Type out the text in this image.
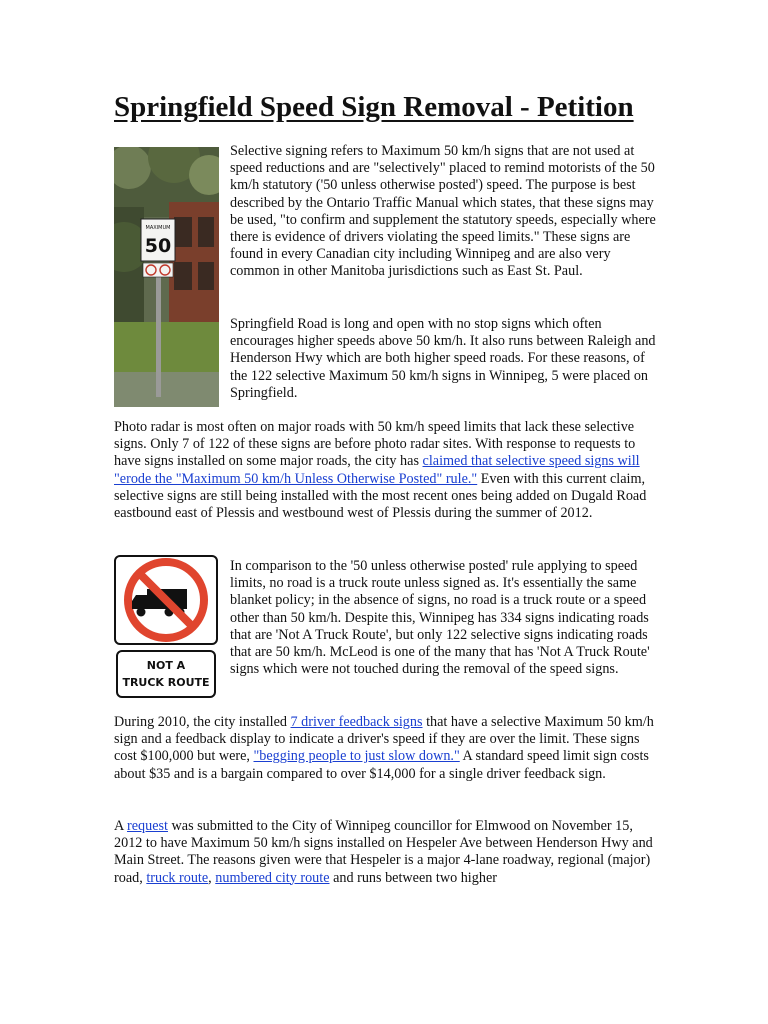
Springfield Speed Sign Removal - Petition
MAXIMUM
50

Selective signing refers to Maximum 50 km/h signs that are not used at speed reductions and are "selectively" placed to remind motorists of the 50 km/h statutory ('50 unless otherwise posted') speed. The purpose is best described by the Ontario Traffic Manual which states, that these signs may be used, "to confirm and supplement the statutory speeds, especially where there is evidence of drivers violating the speed limits." These signs are found in every Canadian city including Winnipeg and are also very common in other Manitoba jurisdictions such as East St. Paul.

Springfield Road is long and open with no stop signs which often encourages higher speeds above 50 km/h. It also runs between Raleigh and Henderson Hwy which are both higher speed roads. For these reasons, of the 122 selective Maximum 50 km/h signs in Winnipeg, 5 were placed on Springfield.

Photo radar is most often on major roads with 50 km/h speed limits that lack these selective signs. Only 7 of 122 of these signs are before photo radar sites. With response to requests to have signs installed on some major roads, the city has claimed that selective speed signs will "erode the "Maximum 50 km/h Unless Otherwise Posted" rule." Even with this current claim, selective signs are still being installed with the most recent ones being added on Dugald Road eastbound east of Plessis and westbound west of Plessis during the summer of 2012.

NOT A
TRUCK ROUTE

In comparison to the '50 unless otherwise posted' rule applying to speed limits, no road is a truck route unless signed as. It's essentially the same blanket policy; in the absence of signs, no road is a truck route or a speed other than 50 km/h. Despite this, Winnipeg has 334 signs indicating roads that are 'Not A Truck Route', but only 122 selective signs indicating roads that are 50 km/h. McLeod is one of the many that has 'Not A Truck Route' signs which were not touched during the removal of the speed signs.

During 2010, the city installed 7 driver feedback signs that have a selective Maximum 50 km/h sign and a feedback display to indicate a driver's speed if they are over the limit. These signs cost $100,000 but were, "begging people to just slow down." A standard speed limit sign costs about $35 and is a bargain compared to over $14,000 for a single driver feedback sign.

A request was submitted to the City of Winnipeg councillor for Elmwood on November 15, 2012 to have Maximum 50 km/h signs installed on Hespeler Ave between Henderson Hwy and Main Street. The reasons given were that Hespeler is a major 4-lane roadway, regional (major) road, truck route, numbered city route and runs between two higher
